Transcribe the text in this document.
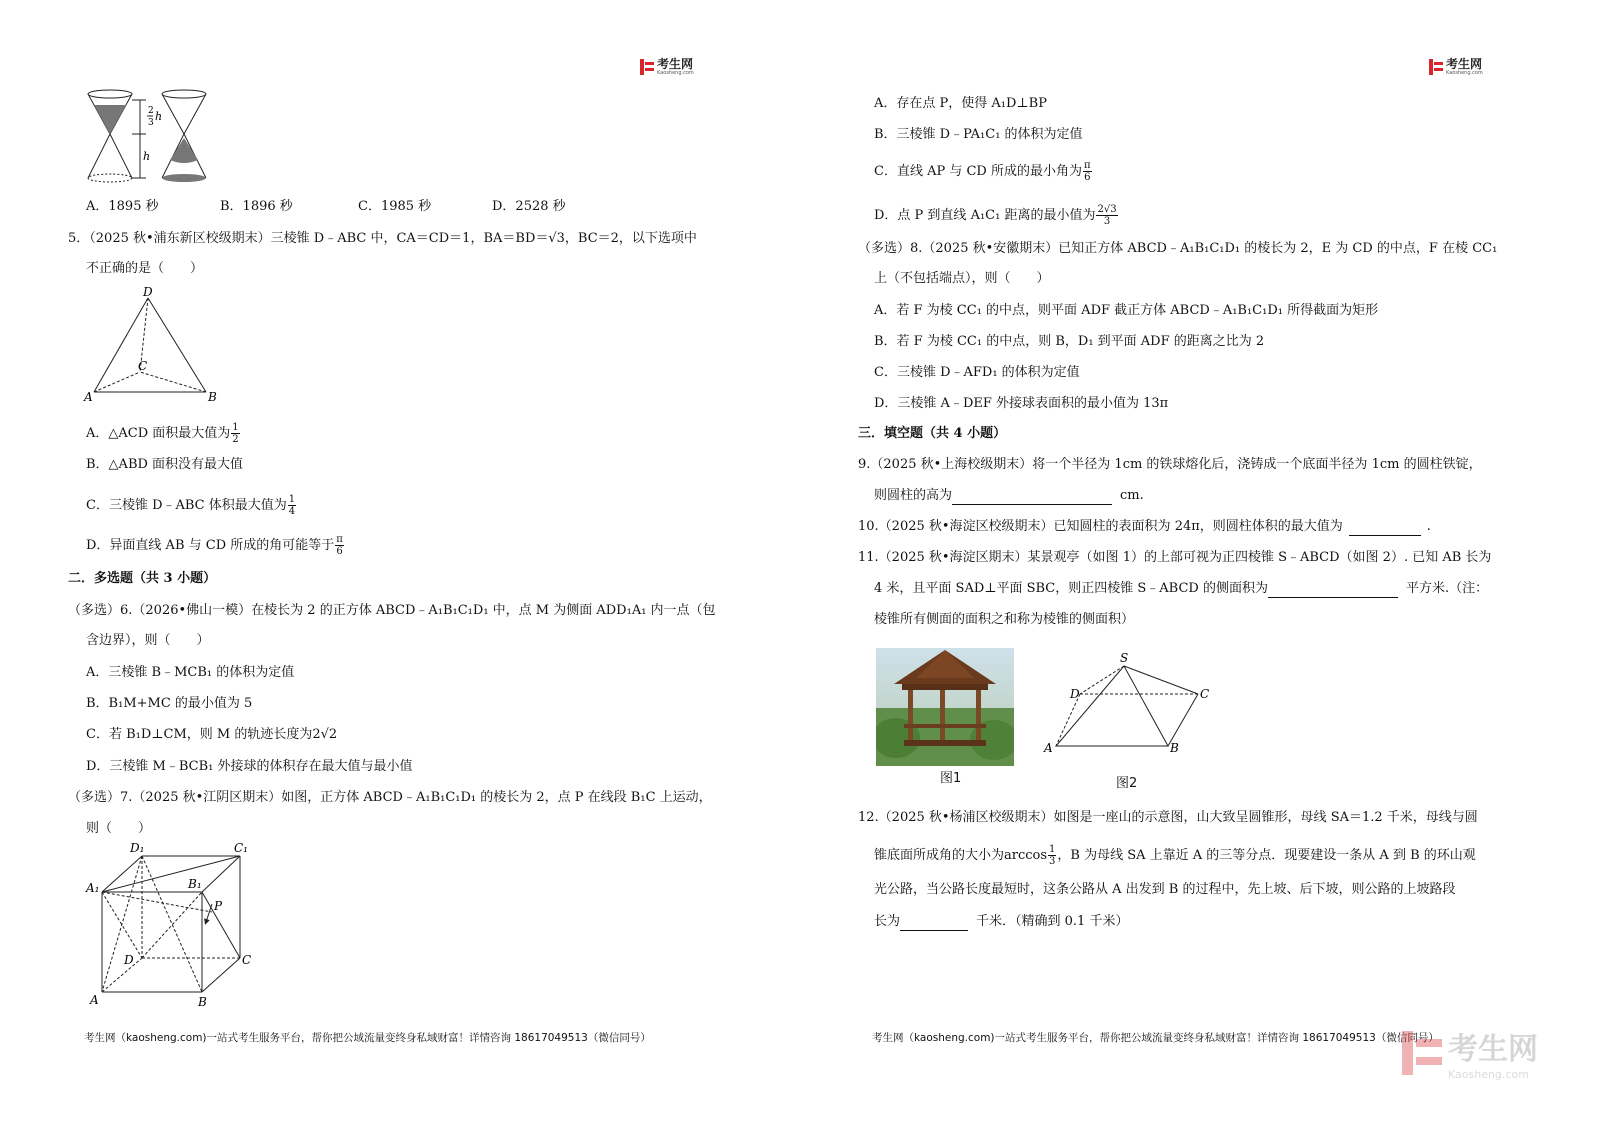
考生网
Kaosheng.com
2
3 h
h
A．1895 秒	B．1896 秒	C．1985 秒	D．2528 秒
5．（2025 秋•浦东新区校级期末）三棱锥 D﹣ABC 中，CA＝CD＝1，BA＝BD＝√3，BC＝2，以下选项中
不正确的是（　　）
D
C
A	B
A．△ACD 面积最大值为 $\frac{1}{2}$
B．△ABD 面积没有最大值
C．三棱锥 D﹣ABC 体积最大值为 $\frac{1}{4}$
D．异面直线 AB 与 CD 所成的角可能等于 $\frac{\pi}{6}$
二．多选题（共 3 小题）
（多选）6.（2026•佛山一模）在棱长为 2 的正方体 ABCD﹣A₁B₁C₁D₁ 中，点 M 为侧面 ADD₁A₁ 内一点（包
含边界），则（　　）
A．三棱锥 B﹣MCB₁ 的体积为定值
B．B₁M+MC 的最小值为 5
C．若 B₁D⊥CM，则 M 的轨迹长度为2√2
D．三棱锥 M﹣BCB₁ 外接球的体积存在最大值与最小值
（多选）7.（2025 秋•江阴区期末）如图，正方体 ABCD﹣A₁B₁C₁D₁ 的棱长为 2，点 P 在线段 B₁C 上运动，
则（　　）
D₁	C₁
A₁	B₁
P
D	C
A	B
考生网（kaosheng.com)一站式考生服务平台，帮你把公域流量变终身私域财富！详情咨询 18617049513（微信同号）
考生网
Kaosheng.com
A．存在点 P，使得 A₁D⊥BP
B．三棱锥 D﹣PA₁C₁ 的体积为定值
C．直线 AP 与 CD 所成的最小角为 $\frac{\pi}{6}$
D．点 P 到直线 A₁C₁ 距离的最小值为 $\frac{2√3}{3}$
（多选）8.（2025 秋•安徽期末）已知正方体 ABCD﹣A₁B₁C₁D₁ 的棱长为 2，E 为 CD 的中点，F 在棱 CC₁
上（不包括端点），则（　　）
A．若 F 为棱 CC₁ 的中点，则平面 ADF 截正方体 ABCD﹣A₁B₁C₁D₁ 所得截面为矩形
B．若 F 为棱 CC₁ 的中点，则 B，D₁ 到平面 ADF 的距离之比为 2
C．三棱锥 D﹣AFD₁ 的体积为定值
D．三棱锥 A﹣DEF 外接球表面积的最小值为 13π
三．填空题（共 4 小题）
9.（2025 秋•上海校级期末）将一个半径为 1cm 的铁球熔化后，浇铸成一个底面半径为 1cm 的圆柱铁锭，
则圆柱的高为	cm.
10.（2025 秋•海淀区校级期末）已知圆柱的表面积为 24π，则圆柱体积的最大值为	.
11.（2025 秋•海淀区期末）某景观亭（如图 1）的上部可视为正四棱锥 S﹣ABCD（如图 2）. 已知 AB 长为
4 米，且平面 SAD⊥平面 SBC，则正四棱锥 S﹣ABCD 的侧面积为	平方米.（注：
棱锥所有侧面的面积之和称为棱锥的侧面积）
图1
S
D	C
A	B
图2
12.（2025 秋•杨浦区校级期末）如图是一座山的示意图，山大致呈圆锥形，母线 SA＝1.2 千米，母线与圆
锥底面所成角的大小为$\arccos \frac{1}{3}$ ，B 为母线 SA 上靠近 A 的三等分点．现要建设一条从 A 到 B 的环山观
光公路，当公路长度最短时，这条公路从 A 出发到 B 的过程中，先上坡、后下坡，则公路的上坡路段
长为	千米．（精确到 0.1 千米）
考生网（kaosheng.com)一站式考生服务平台，帮你把公域流量变终身私域财富！详情咨询 18617049513（微信同号） 考生网
Kaosheng.com
